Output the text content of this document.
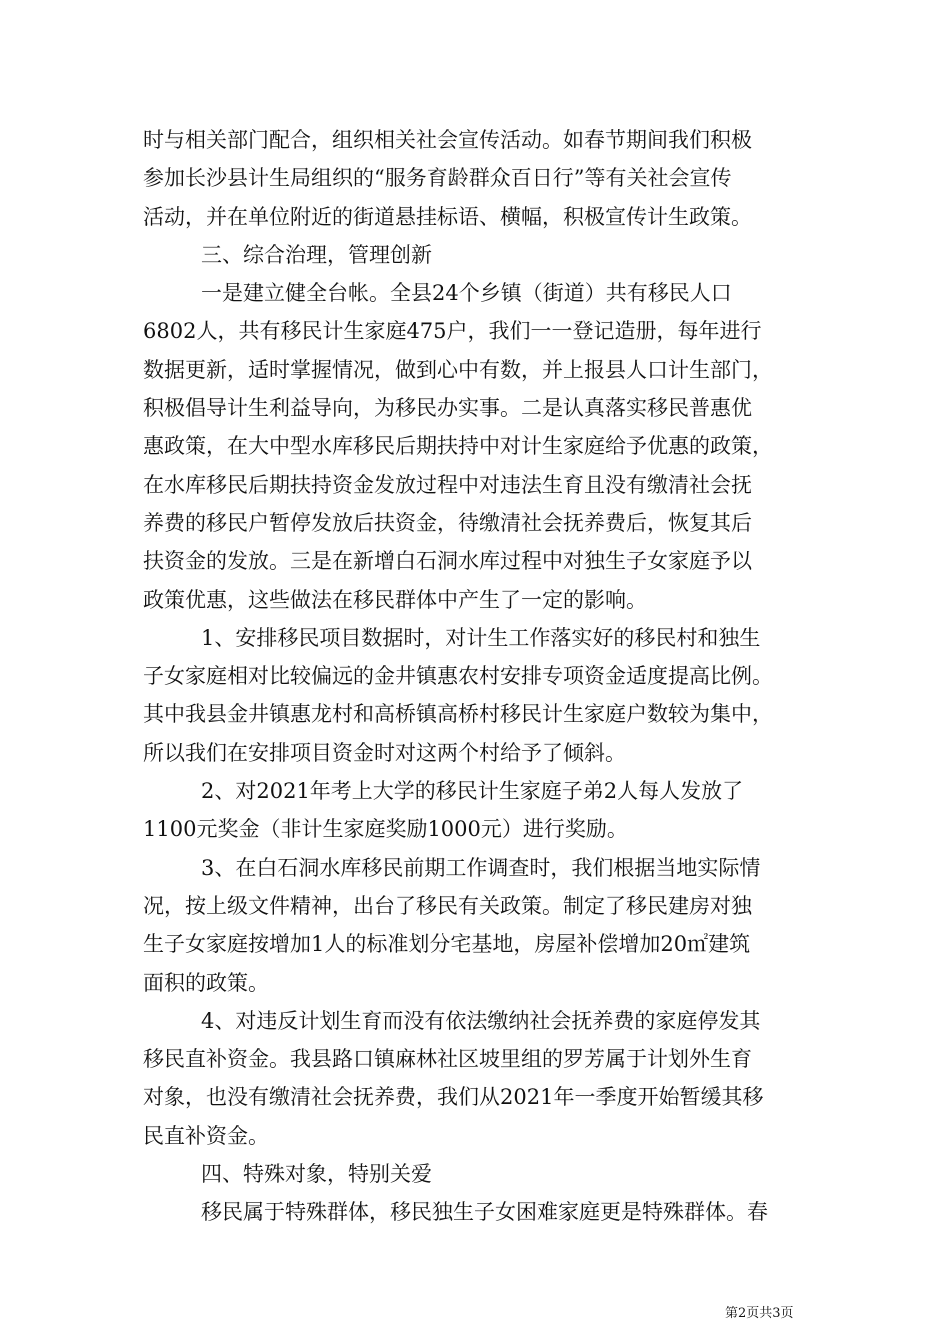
时与相关部门配合，组织相关社会宣传活动。如春节期间我们积极
参加长沙县计生局组织的“服务育龄群众百日行”等有关社会宣传
活动，并在单位附近的街道悬挂标语、横幅，积极宣传计生政策。
三、综合治理，管理创新
一是建立健全台帐。全县24个乡镇（街道）共有移民人口
6802人，共有移民计生家庭475户，我们一一登记造册，每年进行
数据更新，适时掌握情况，做到心中有数，并上报县人口计生部门，
积极倡导计生利益导向，为移民办实事。二是认真落实移民普惠优
惠政策，在大中型水库移民后期扶持中对计生家庭给予优惠的政策，
在水库移民后期扶持资金发放过程中对违法生育且没有缴清社会抚
养费的移民户暂停发放后扶资金，待缴清社会抚养费后，恢复其后
扶资金的发放。三是在新增白石洞水库过程中对独生子女家庭予以
政策优惠，这些做法在移民群体中产生了一定的影响。
1、安排移民项目数据时，对计生工作落实好的移民村和独生
子女家庭相对比较偏远的金井镇惠农村安排专项资金适度提高比例。
其中我县金井镇惠龙村和高桥镇高桥村移民计生家庭户数较为集中，
所以我们在安排项目资金时对这两个村给予了倾斜。
2、对2021年考上大学的移民计生家庭子弟2人每人发放了
1100元奖金（非计生家庭奖励1000元）进行奖励。
3、在白石洞水库移民前期工作调查时，我们根据当地实际情
况，按上级文件精神，出台了移民有关政策。制定了移民建房对独
生子女家庭按增加1人的标准划分宅基地，房屋补偿增加20㎡建筑
面积的政策。
4、对违反计划生育而没有依法缴纳社会抚养费的家庭停发其
移民直补资金。我县路口镇麻林社区坡里组的罗芳属于计划外生育
对象，也没有缴清社会抚养费，我们从2021年一季度开始暂缓其移
民直补资金。
四、特殊对象，特别关爱
移民属于特殊群体，移民独生子女困难家庭更是特殊群体。春
第2页共3页
